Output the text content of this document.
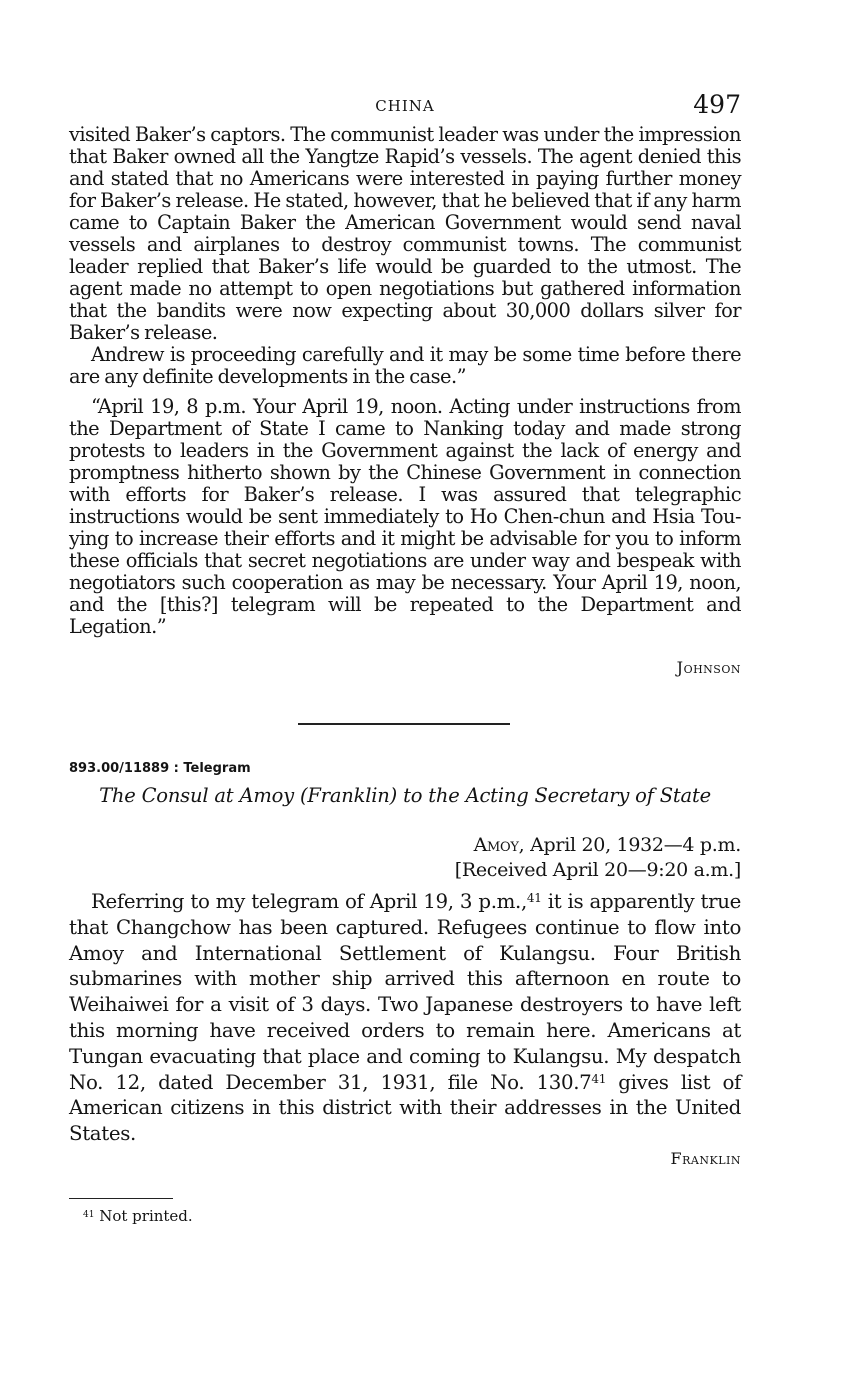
CHINA	497

visited Baker’s captors. The communist leader was under the impression that Baker owned all the Yangtze Rapid’s vessels. The agent denied this and stated that no Americans were interested in paying further money for Baker’s release. He stated, however, that he believed that if any harm came to Captain Baker the American Government would send naval vessels and airplanes to destroy communist towns. The communist leader replied that Baker’s life would be guarded to the utmost. The agent made no attempt to open negotiations but gathered information that the bandits were now expecting about 30,000 dollars silver for Baker’s release.

Andrew is proceeding carefully and it may be some time before there are any definite developments in the case.”

“April 19, 8 p.m. Your April 19, noon. Acting under instructions from the Department of State I came to Nanking today and made strong protests to leaders in the Government against the lack of energy and promptness hitherto shown by the Chinese Government in connection with efforts for Baker’s release. I was assured that telegraphic instructions would be sent immediately to Ho Chen-chun and Hsia Tou-ying to increase their efforts and it might be advisable for you to inform these officials that secret negotiations are under way and bespeak with negotiators such cooperation as may be necessary. Your April 19, noon, and the [this?] telegram will be repeated to the Department and Legation.”

Johnson

893.00/11889 : Telegram
The Consul at Amoy (Franklin) to the Acting Secretary of State
Amoy, April 20, 1932—4 p.m.
[Received April 20—9:20 a.m.]

Referring to my telegram of April 19, 3 p.m.,$^{41}$ it is apparently true that Changchow has been captured. Refugees continue to flow into Amoy and International Settlement of Kulangsu. Four British submarines with mother ship arrived this afternoon en route to Weihaiwei for a visit of 3 days. Two Japanese destroyers to have left this morning have received orders to remain here. Americans at Tungan evacuating that place and coming to Kulangsu. My despatch No. 12, dated December 31, 1931, file No. 130.7$^{41}$ gives list of American citizens in this district with their addresses in the United States.

Franklin

$^{41}$ Not printed.
